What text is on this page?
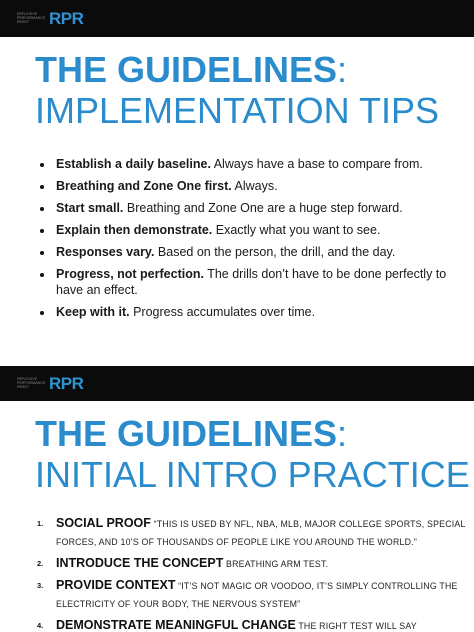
REFLEXIVE PERFORMANCE RESET	RPR
THE GUIDELINES:
IMPLEMENTATION TIPS
Establish a daily baseline. Always have a base to compare from.
Breathing and Zone One first. Always.
Start small. Breathing and Zone One are a huge step forward.
Explain then demonstrate. Exactly what you want to see.
Responses vary. Based on the person, the drill, and the day.
Progress, not perfection. The drills don’t have to be done perfectly to have an effect.
Keep with it. Progress accumulates over time.
REFLEXIVE PERFORMANCE RESET	RPR
THE GUIDELINES:
INITIAL INTRO PRACTICE
1. SOCIAL PROOF “THIS IS USED BY NFL, NBA, MLB, MAJOR COLLEGE SPORTS, SPECIAL FORCES, AND 10’S OF THOUSANDS OF PEOPLE LIKE YOU AROUND THE WORLD.”
2. INTRODUCE THE CONCEPT BREATHING ARM TEST.
3. PROVIDE CONTEXT “IT’S NOT MAGIC OR VOODOO, IT’S SIMPLY CONTROLLING THE ELECTRICITY OF YOUR BODY, THE NERVOUS SYSTEM”
4. DEMONSTRATE MEANINGFUL CHANGE THE RIGHT TEST WILL SAY
